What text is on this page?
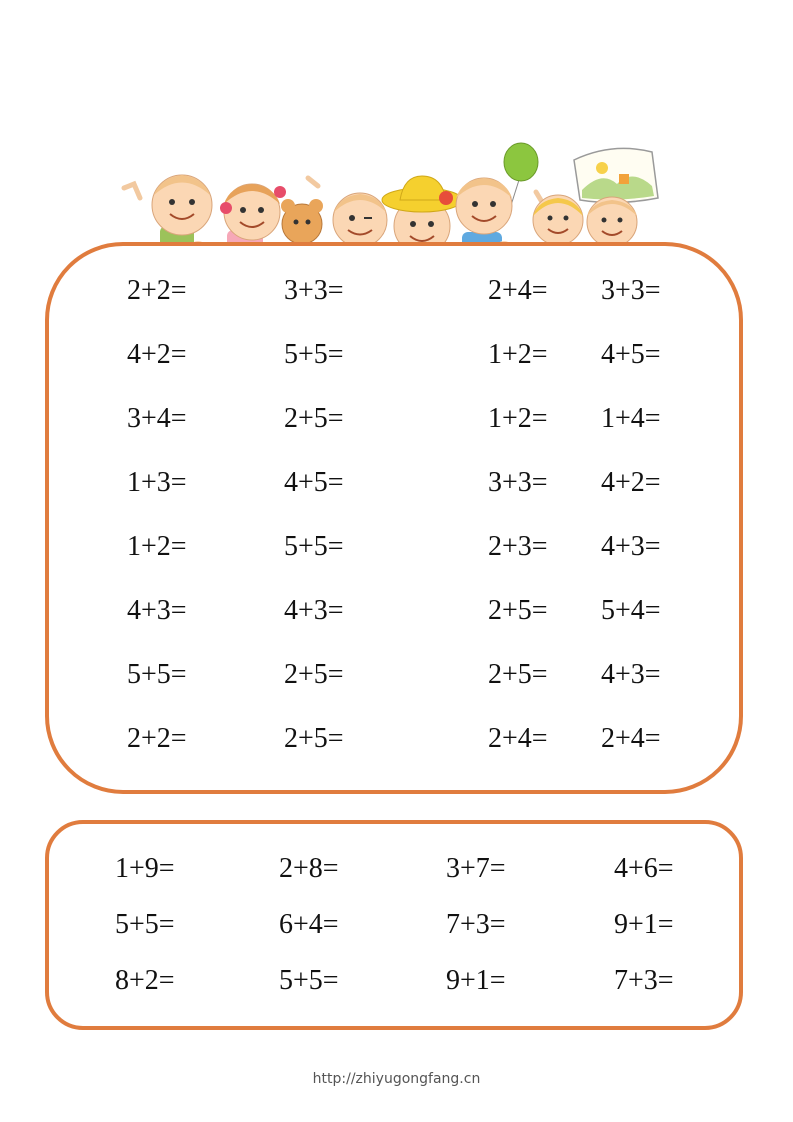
2+2=	3+3=	2+4= 3+3=
4+2=	5+5=	1+2= 4+5=
3+4=	2+5=	1+2= 1+4=
1+3=	4+5=	3+3= 4+2=
1+2=	5+5=	2+3= 4+3=
4+3=	4+3=	2+5= 5+4=
5+5=	2+5=	2+5= 4+3=
2+2=	2+5=	2+4= 2+4=
1+9=	2+8=	3+7=	4+6=
5+5=	6+4=	7+3=	9+1=
8+2=	5+5=	9+1=	7+3=
http://zhiyugongfang.cn
